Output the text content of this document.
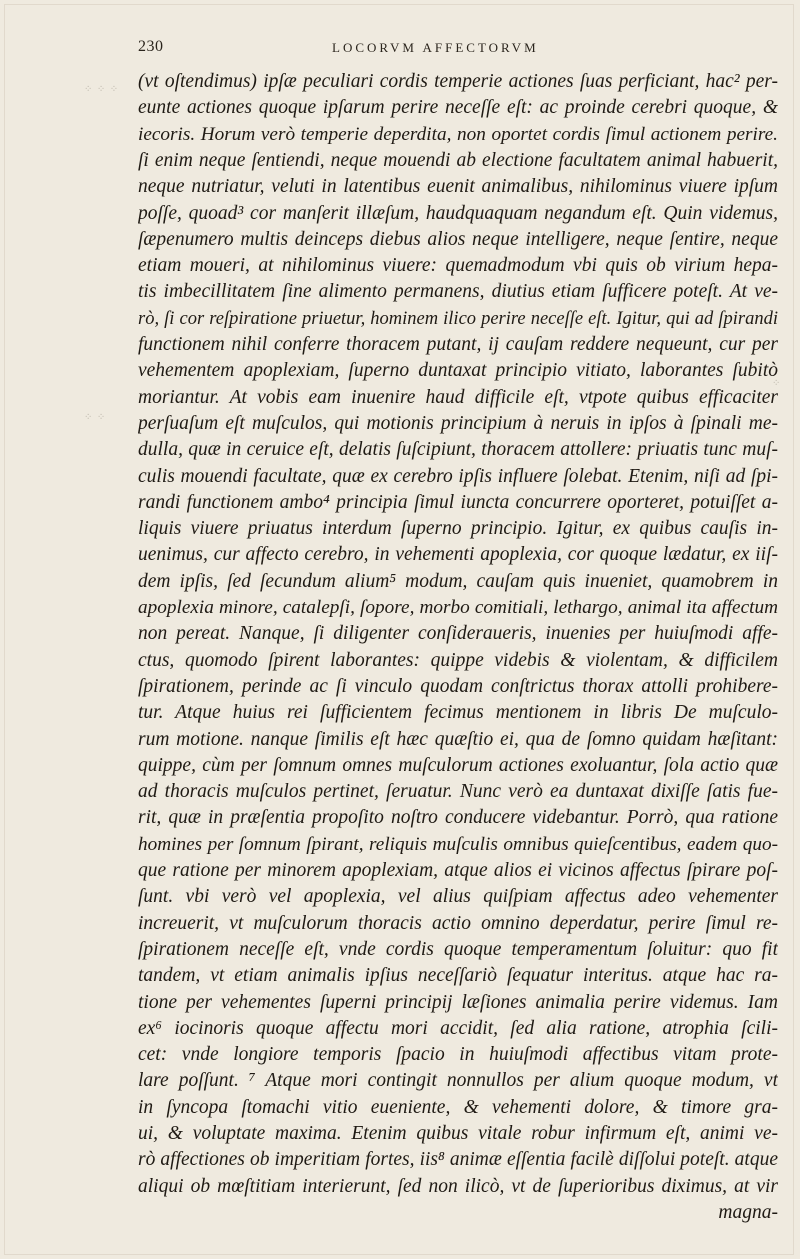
⁘ ⁘ ⁘
⁘ ⁘
⁘
230	LOCORVM AFFECTORVM
(vt oſtendimus) ipſæ peculiari cordis temperie actiones ſuas perficiant, hac² per-
eunte actiones quoque ipſarum perire neceſſe eſt: ac proinde cerebri quoque, &
iecoris. Horum verò temperie deperdita, non oportet cordis ſimul actionem perire.
ſi enim neque ſentiendi, neque mouendi ab electione facultatem animal habuerit,
neque nutriatur, veluti in latentibus euenit animalibus, nihilominus viuere ipſum
poſſe, quoad³ cor manſerit illæſum, haudquaquam negandum eſt. Quin videmus,
ſæpenumero multis deinceps diebus alios neque intelligere, neque ſentire, neque
etiam moueri, at nihilominus viuere: quemadmodum vbi quis ob virium hepa-
tis imbecillitatem ſine alimento permanens, diutius etiam ſufficere poteſt. At ve-
rò, ſi cor reſpiratione priuetur, hominem ilico perire neceſſe eſt. Igitur, qui ad ſpirandi
functionem nihil conferre thoracem putant, ij cauſam reddere nequeunt, cur per
vehementem apoplexiam, ſuperno duntaxat principio vitiato, laborantes ſubitò
moriantur. At vobis eam inuenire haud difficile eſt, vtpote quibus efficaciter
perſuaſum eſt muſculos, qui motionis principium à neruis in ipſos à ſpinali me-
dulla, quæ in ceruice eſt, delatis ſuſcipiunt, thoracem attollere: priuatis tunc muſ-
culis mouendi facultate, quæ ex cerebro ipſis influere ſolebat. Etenim, niſi ad ſpi-
randi functionem ambo⁴ principia ſimul iuncta concurrere oporteret, potuiſſet a-
liquis viuere priuatus interdum ſuperno principio. Igitur, ex quibus cauſis in-
uenimus, cur affecto cerebro, in vehementi apoplexia, cor quoque lædatur, ex iiſ-
dem ipſis, ſed ſecundum alium⁵ modum, cauſam quis inueniet, quamobrem in
apoplexia minore, catalepſi, ſopore, morbo comitiali, lethargo, animal ita affectum
non pereat. Nanque, ſi diligenter conſideraueris, inuenies per huiuſmodi affe-
ctus, quomodo ſpirent laborantes: quippe videbis & violentam, & difficilem
ſpirationem, perinde ac ſi vinculo quodam conſtrictus thorax attolli prohibere-
tur. Atque huius rei ſufficientem fecimus mentionem in libris De muſculo-
rum motione. nanque ſimilis eſt hæc quæſtio ei, qua de ſomno quidam hæſitant:
quippe, cùm per ſomnum omnes muſculorum actiones exoluantur, ſola actio quæ
ad thoracis muſculos pertinet, ſeruatur. Nunc verò ea duntaxat dixiſſe ſatis fue-
rit, quæ in præſentia propoſito noſtro conducere videbantur. Porrò, qua ratione
homines per ſomnum ſpirant, reliquis muſculis omnibus quieſcentibus, eadem quo-
que ratione per minorem apoplexiam, atque alios ei vicinos affectus ſpirare poſ-
ſunt. vbi verò vel apoplexia, vel alius quiſpiam affectus adeo vehementer
increuerit, vt muſculorum thoracis actio omnino deperdatur, perire ſimul re-
ſpirationem neceſſe eſt, vnde cordis quoque temperamentum ſoluitur: quo fit
tandem, vt etiam animalis ipſius neceſſariò ſequatur interitus. atque hac ra-
tione per vehementes ſuperni principij læſiones animalia perire videmus. Iam
ex⁶ iocinoris quoque affectu mori accidit, ſed alia ratione, atrophia ſcili-
cet: vnde longiore temporis ſpacio in huiuſmodi affectibus vitam prote-
lare poſſunt. ⁷ Atque mori contingit nonnullos per alium quoque modum, vt
in ſyncopa ſtomachi vitio eueniente, & vehementi dolore, & timore gra-
ui, & voluptate maxima. Etenim quibus vitale robur infirmum eſt, animi ve-
rò affectiones ob imperitiam fortes, iis⁸ animæ eſſentia facilè diſſolui poteſt. atque
aliqui ob mœſtitiam interierunt, ſed non ilicò, vt de ſuperioribus diximus, at vir
magna-
